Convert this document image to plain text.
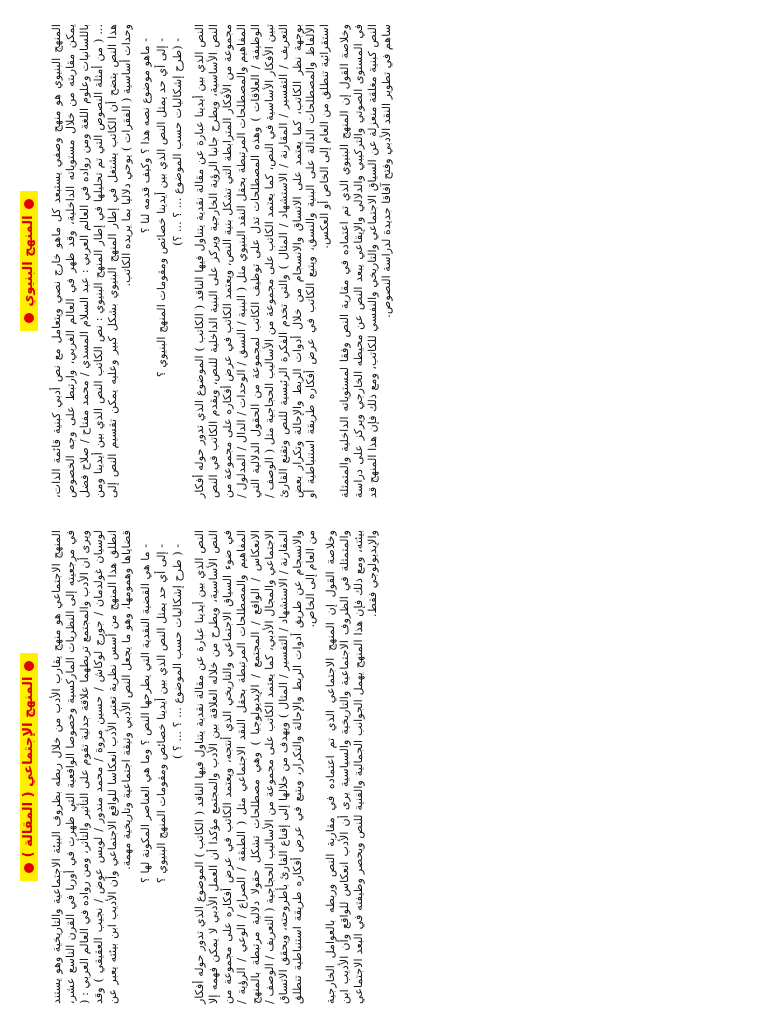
المنهج البنيوي المنهج البنيوي هو منهج وصفي يستبعد كل ماهو خارج نصي ويتعامل مع نص أدبي كبنية قائمة الذات، يمكن مقاربته من خلال مستوياته الداخلية، وقد ظهر في العالم الغربي، وارتبط على وجه الخصوص باللسانيات وعلوم اللغة ومن رواده في العالم العربي : عبد السلام المسدي / محمد مفتاح / صلاح فضل ... ( من أمثلة النصوص التي تم تحليلها في إطار المنهج البنيوي : نص الكاتب النص الذي بين أيدينا ومن هذا النص يتضح أن الكاتب يشتغل في إطار المنهج البنيوي بشكل كبير وعليه يمكن تقسيم النص إلى وحدات أساسية ( الفقرات ) يوحي دلاليا بما يريده الكاتب. - ماهو موضوع نصه هذا ؟ وكيف قدمه لنا ؟ - إلى أي حد يمثل النص الذي بين أيدينا خصائص ومقومات المنهج البنيوي ؟ - (طرح إشكاليات حسب الموضوع ... ؟ ... ؟) النص الذي بين أيدينا عبارة عن مقالة نقدية يتناول فيها الناقد ( الكاتب ) الموضوع الذي تدور حوله أفكار النص الأساسية، ويطرح جانبا الرؤية الخارجية ويركز على البنية الداخلية للنص، ويقدم الكاتب في النص مجموعة من الأفكار المترابطة التي تشكل بنية النص، ويعتمد الكاتب في عرض أفكاره على مجموعة من المفاهيم والمصطلحات المرتبطة بحقل النقد البنيوي مثل ( البنية / النسق / الوحدات / الدال / المدلول / الوظيفة / العلاقات ) وهذه المصطلحات تدل على توظيف الكاتب لمجموعة من الحقول الدلالية التي تبين الأفكار الأساسية في النص، كما يعتمد الكاتب على مجموعة من الأساليب الحجاجية مثل ( الوصف / التعريف / التفسير / المقارنة / الاستشهاد / المثال ) والتي تخدم الفكرة الرئيسية للنص وتقنع القارئ بوجهة نظر الكاتب، كما يعتمد على الاتساق والانسجام من خلال أدوات الربط والإحالة وتكرار بعض الألفاظ والمصطلحات الدالة على البنية والنسق، ويتبع الكاتب في عرض أفكاره طريقة استنباطية أو استقرائية تنطلق من العام إلى الخاص أو العكس. وخلاصة القول إن المنهج البنيوي الذي تم اعتماده في مقاربة النص وفقا لمستوياته الداخلية والمتمثلة في المستوى الصوتي والتركيبي والدلالي والإيقاعي يبعد النص عن محيطه الخارجي ويركز على دراسة النص كبنية مغلقة منعزلة عن السياق الاجتماعي والتاريخي والنفسي للكاتب، ومع ذلك فإن هذا المنهج قد ساهم في تطوير النقد الأدبي وفتح آفاقا جديدة لدراسة النصوص.

المنهج الإجتماعي ( المقالة ) المنهج الاجتماعي هو منهج يقارب الأدب من خلال ربطه بظروف البيئة الاجتماعية والتاريخية وهو يستند في مرجعيته إلى النظريات الماركسية وخصوصا الواقعية التي ظهرت في أوربا في القرن التاسع عشر، ويرى أن الأدب والمجتمع تربطهما علاقة جدلية تقوم على التأثير والتأثر، ومن رواده في العالم العربي : ( لوسيان غولدمان / جورج لوكاش / حسين مروة / محمد مندور / لويس عوض / نجيب العقيقي ) وقد انطلق هذا المنهج من أسس نظرية تعتبر الأدب انعكاسا للواقع الاجتماعي وأن الأديب ابن بيئته يعبر عن قضاياها وهمومها، وهو ما يجعل النص الأدبي وثيقة اجتماعية وتاريخية مهمة. - ما هي القضية النقدية التي يطرحها النص ؟ وما هي العناصر المكونة لها ؟ - إلى أي حد يمثل النص الذي بين أيدينا خصائص ومقومات المنهج البنيوي ؟ - ( طرح إشكاليات حسب الموضوع ... ؟ ... ؟ ) النص الذي بين أيدينا عبارة عن مقالة نقدية يتناول فيها الناقد ( الكاتب ) الموضوع الذي تدور حوله أفكار النص الأساسية، ويطرح من خلاله العلاقة بين الأدب والمجتمع مؤكدا أن العمل الأدبي لا يمكن فهمه إلا في ضوء السياق الاجتماعي والتاريخي الذي أنتجه، ويعتمد الكاتب في عرض أفكاره على مجموعة من المفاهيم والمصطلحات المرتبطة بحقل النقد الاجتماعي مثل ( الطبقة / الصراع / الوعي / الرؤية / الانعكاس / الواقع / المجتمع / الإيديولوجيا ) وهي مصطلحات تشكل حقولا دلالية مرتبطة بالمنهج الاجتماعي والمجال الأدبي، كما يعتمد الكاتب على مجموعة من الأساليب الحجاجية ( التعريف / الوصف / المقارنة / الاستشهاد / التفسير / المثال ) ويهدف من خلالها إلى إقناع القارئ بأطروحته، ويحقق الاتساق والانسجام عن طريق أدوات الربط والإحالة والتكرار، ويتبع في عرض أفكاره طريقة استنباطية تنطلق من العام إلى الخاص. وخلاصة القول إن المنهج الاجتماعي الذي تم اعتماده في مقاربة النص وربطه بالعوامل الخارجية والمتمثلة في الظروف الاجتماعية والتاريخية والسياسية يرى أن الأدب انعكاس للواقع وأن الأديب ابن بيئته، ومع ذلك فإن هذا المنهج يهمل الجوانب الجمالية والفنية للنص ويحصر وظيفته في البعد الاجتماعي والإيديولوجي فقط.
